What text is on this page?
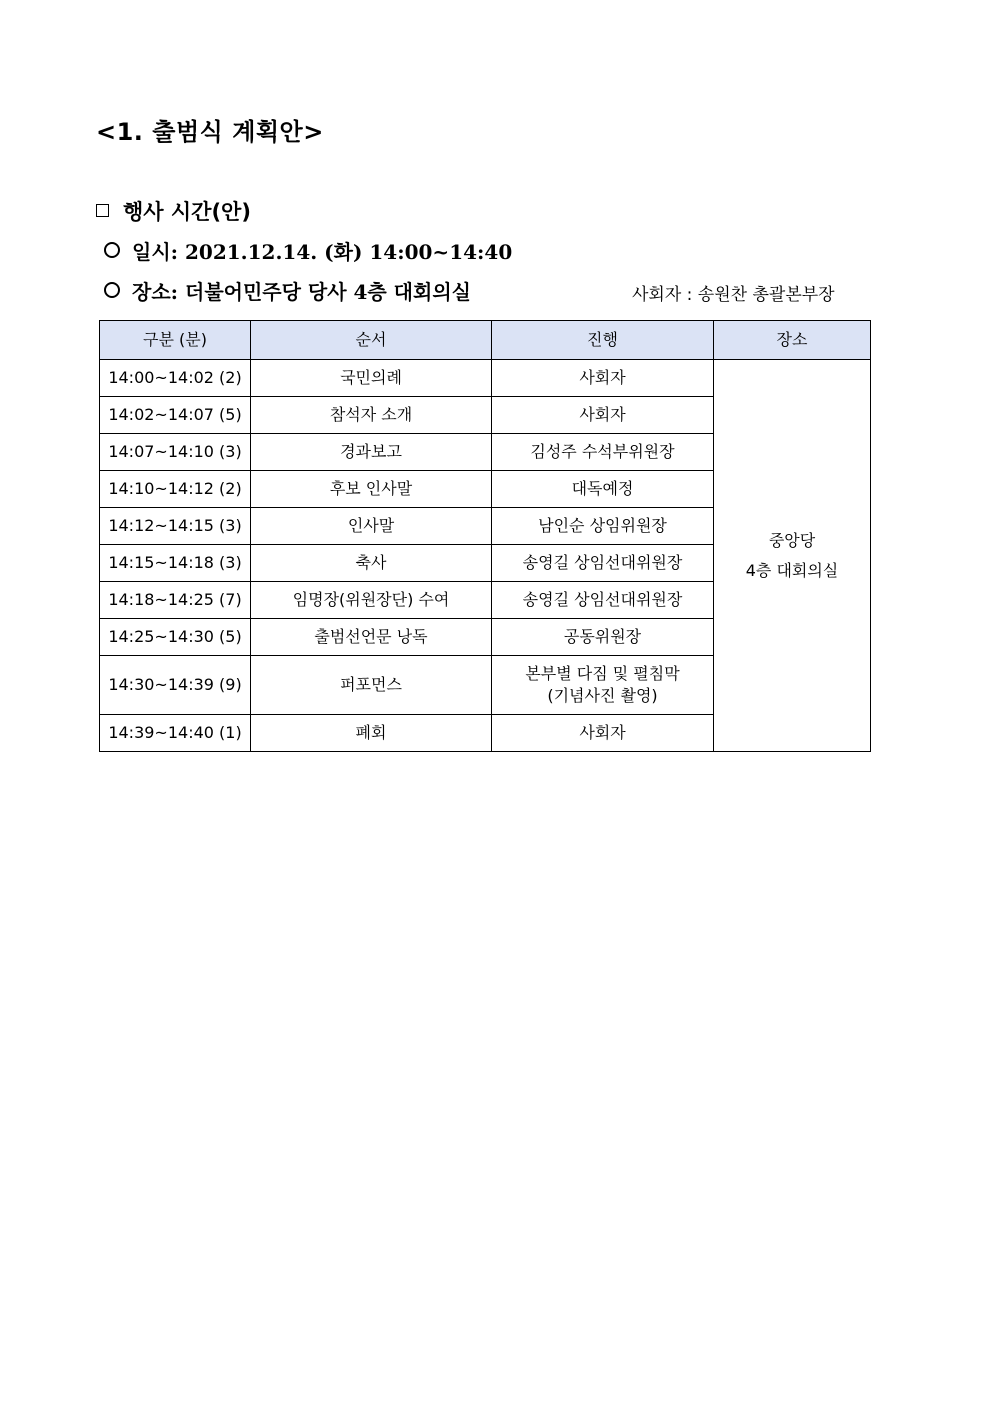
<1. 출범식 계획안>
행사 시간(안)
일시: 2021.12.14. (화) 14:00~14:40
장소: 더불어민주당 당사 4층 대회의실	사회자 : 송원찬 총괄본부장
구분 (분)	순서	진행	장소
14:00~14:02 (2)	국민의례	사회자	중앙당
4층 대회의실

14:02~14:07 (5)	참석자 소개	사회자	
14:07~14:10 (3)	경과보고	김성주 수석부위원장	
14:10~14:12 (2)	후보 인사말	대독예정	
14:12~14:15 (3)	인사말	남인순 상임위원장	
14:15~14:18 (3)	축사	송영길 상임선대위원장	
14:18~14:25 (7)	임명장(위원장단) 수여	송영길 상임선대위원장	
14:25~14:30 (5)	출범선언문 낭독	공동위원장	
14:30~14:39 (9)	퍼포먼스	본부별 다짐 및 펼침막
(기념사진 촬영)	

14:39~14:40 (1)	폐회	사회자	
